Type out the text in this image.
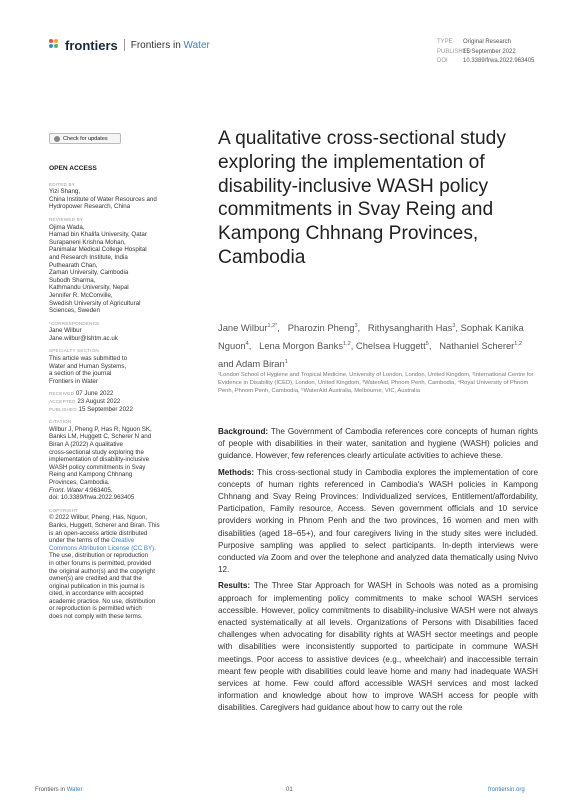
frontiers Frontiers in Water	TYPE Original Research
PUBLISHED15 September 2022
DOI	10.3389/frwa.2022.963405
Check for updates
OPEN ACCESS
EDITED BY
Yizi Shang,
China Institute of Water Resources and
Hydropower Research, China
REVIEWED BY
Ojima Wada,
Hamad bin Khalifa University, Qatar
Surapaneni Krishna Mohan,
Panimalar Medical College Hospital
and Research Institute, India
Puthearath Chan,
Zaman University, Cambodia
Subodh Sharma,
Kathmandu University, Nepal
Jennifer R. McConville,
Swedish University of Agricultural
Sciences, Sweden
*CORRESPONDENCE
Jane Wilbur
Jane.wilbur@lshtm.ac.uk
SPECIALTY SECTION
This article was submitted to
Water and Human Systems,
a section of the journal
Frontiers in Water
RECEIVED 07 June 2022
ACCEPTED 23 August 2022
PUBLISHED 15 September 2022
CITATION
Wilbur J, Pheng P, Has R, Nguon SK,
Banks LM, Huggett C, Scherer N and
Biran A (2022) A qualitative
cross-sectional study exploring the
implementation of disability-inclusive
WASH policy commitments in Svay
Reing and Kampong Chhnang
Provinces, Cambodia.
Front. Water 4:963405.
doi: 10.3389/frwa.2022.963405
COPYRIGHT
© 2022 Wilbur, Pheng, Has, Nguon,
Banks, Huggett, Scherer and Biran. This
is an open-access article distributed
under the terms of the Creative
Commons Attribution License (CC BY).
The use, distribution or reproduction
in other forums is permitted, provided
the original author(s) and the copyright
owner(s) are credited and that the
original publication in this journal is
cited, in accordance with accepted
academic practice. No use, distribution
or reproduction is permitted which
does not comply with these terms.
A qualitative cross-sectional study exploring the implementation of disability-inclusive WASH policy commitments in Svay Reing and Kampong Chhnang Provinces, Cambodia
Jane Wilbur$^{1,2*}$,   Pharozin Pheng$^3$,   Rithysangharith Has$^3$, Sophak Kanika Nguon$^4$,   Lena Morgon Banks$^{1,2}$, Chelsea Huggett$^5$,   Nathaniel Scherer$^{1,2}$ and Adam Biran$^1$
¹London School of Hygiene and Tropical Medicine, University of London, London, United Kingdom, ²International Centre for Evidence in Disability (ICED), London, United Kingdom, ³WaterAid, Phnom Penh, Cambodia, ⁴Royal University of Phnom Penh, Phnom Penh, Cambodia, ⁵WaterAid Australia, Melbourne, VIC, Australia

Background: The Government of Cambodia references core concepts of human rights of people with disabilities in their water, sanitation and hygiene (WASH) policies and guidance. However, few references clearly articulate activities to achieve these.

Methods: This cross-sectional study in Cambodia explores the implementation of core concepts of human rights referenced in Cambodia's WASH policies in Kampong Chhnang and Svay Reing Provinces: Individualized services, Entitlement/affordability, Participation, Family resource, Access. Seven government officials and 10 service providers working in Phnom Penh and the two provinces, 16 women and men with disabilities (aged 18–65+), and four caregivers living in the study sites were included. Purposive sampling was applied to select participants. In-depth interviews were conducted via Zoom and over the telephone and analyzed data thematically using Nvivo 12.

Results: The Three Star Approach for WASH in Schools was noted as a promising approach for implementing policy commitments to make school WASH services accessible. However, policy commitments to disability-inclusive WASH were not always enacted systematically at all levels. Organizations of Persons with Disabilities faced challenges when advocating for disability rights at WASH sector meetings and people with disabilities were inconsistently supported to participate in commune WASH meetings. Poor access to assistive devices (e.g., wheelchair) and inaccessible terrain meant few people with disabilities could leave home and many had inadequate WASH services at home. Few could afford accessible WASH services and most lacked information and knowledge about how to improve WASH access for people with disabilities. Caregivers had guidance about how to carry out the role

Frontiers in Water	01	frontiersin.org
